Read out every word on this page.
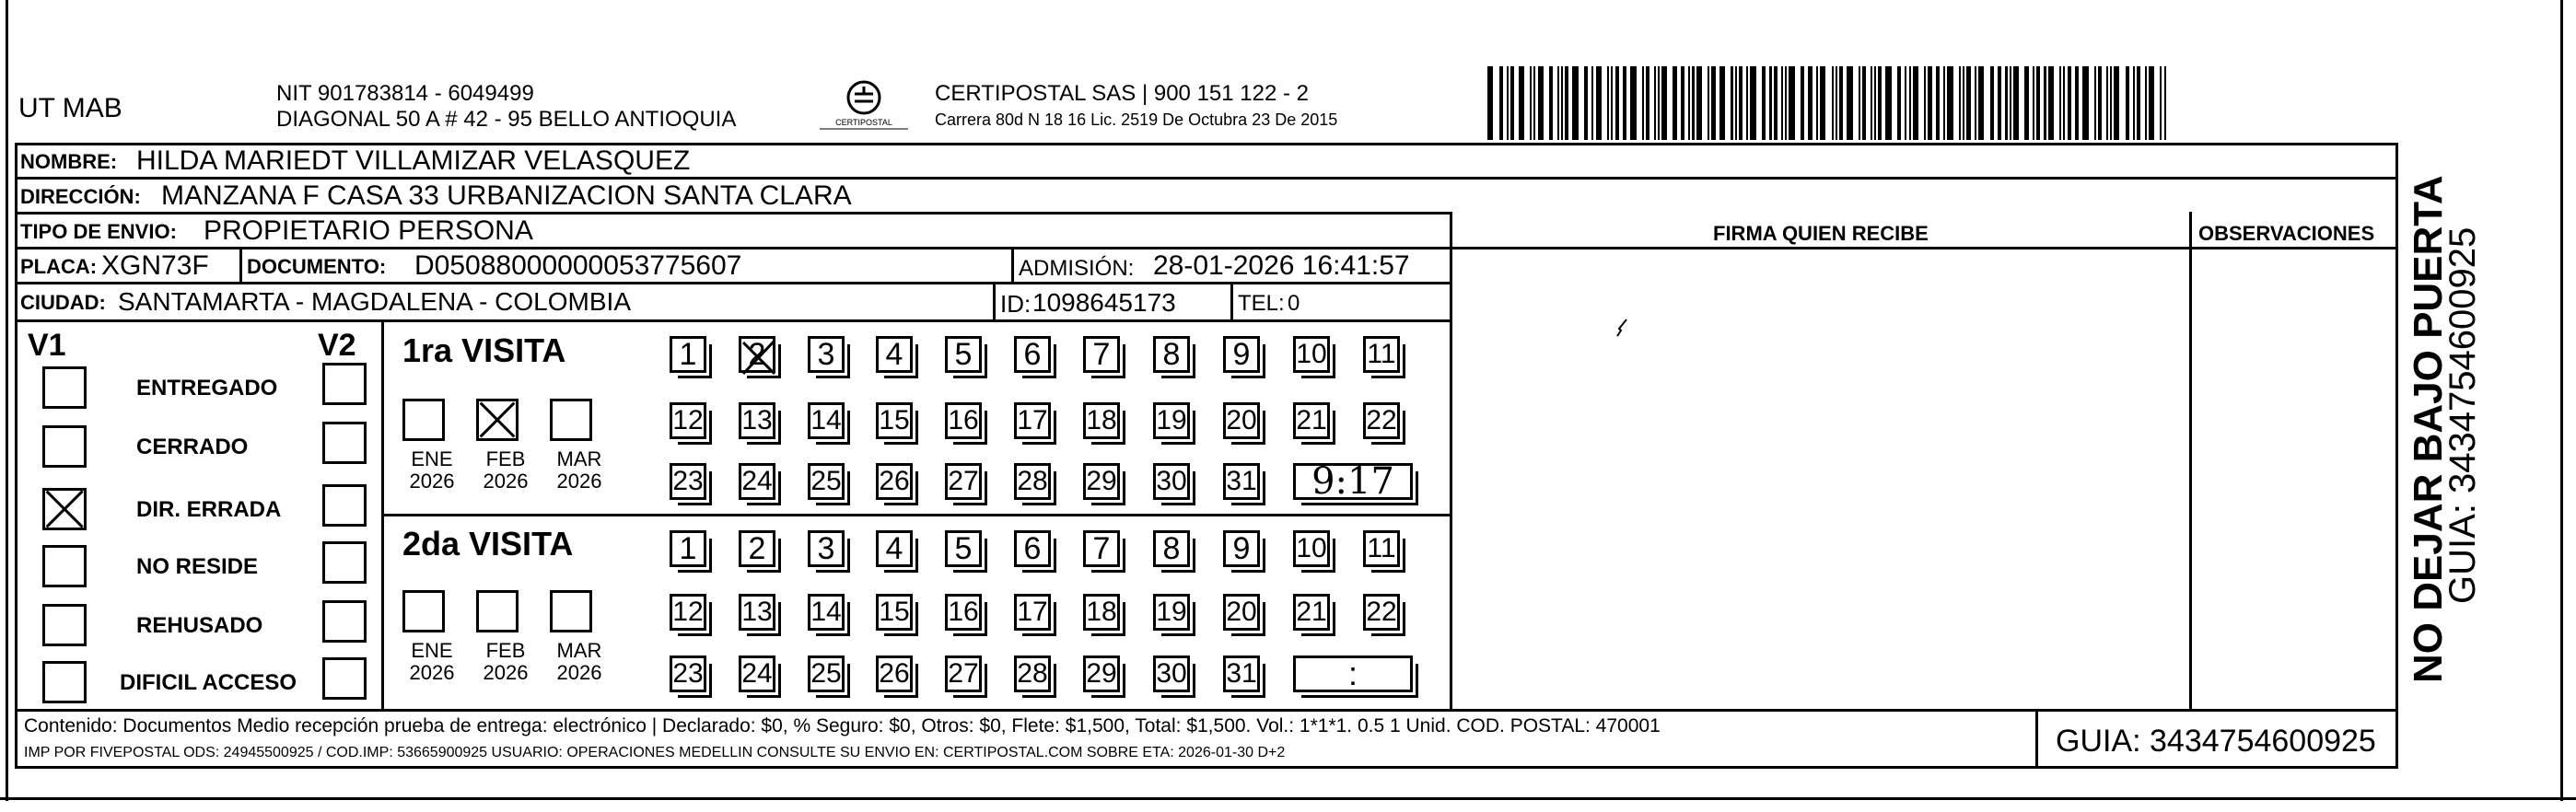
UT MAB	NIT 901783814 - 6049499
DIAGONAL 50 A # 42 - 95 BELLO ANTIOQUIA	CERTIPOSTAL
CERTIPOSTAL SAS | 900 151 122 - 2
Carrera 80d N 18 16 Lic. 2519 De Octubra 23 De 2015
NOMBRE: HILDA MARIEDT VILLAMIZAR VELASQUEZ
DIRECCIÓN: MANZANA F CASA 33 URBANIZACION SANTA CLARA
TIPO DE ENVIO: PROPIETARIO PERSONA	FIRMA QUIEN RECIBE	OBSERVACIONES
PLACA: XGN73F DOCUMENTO: D05088000000053775607	ADMISIÓN: 28-01-2026 16:41:57
CIUDAD: SANTAMARTA - MAGDALENA - COLOMBIA	ID: 1098645173	TEL: 0
V1	V2
ENTREGADO
CERRADO
DIR. ERRADA
NO RESIDE
REHUSADO
DIFICIL ACCESO
1ra VISITA
2da VISITA
ENE
2026
FEB
2026
MAR
2026
ENE
2026
FEB
2026
MAR
2026
1 2 3 4 5 6 7 8 9 10 11
12 13 14 15 16 17 18 19 20 21 22
23 24 25 26 27 28 29 30 31 9:17
1 2 3 4 5 6 7 8 9 10 11
12 13 14 15 16 17 18 19 20 21 22
23 24 25 26 27 28 29 30 31	:
Contenido: Documentos Medio recepción prueba de entrega: electrónico | Declarado: $0, % Seguro: $0, Otros: $0, Flete: $1,500, Total: $1,500. Vol.: 1*1*1. 0.5 1 Unid. COD. POSTAL: 470001
IMP POR FIVEPOSTAL ODS: 24945500925 / COD.IMP: 53665900925 USUARIO: OPERACIONES MEDELLIN CONSULTE SU ENVIO EN: CERTIPOSTAL.COM SOBRE ETA: 2026-01-30 D+2	GUIA: 3434754600925
NO DEJAR BAJO PUERTA
GUIA: 3434754600925
